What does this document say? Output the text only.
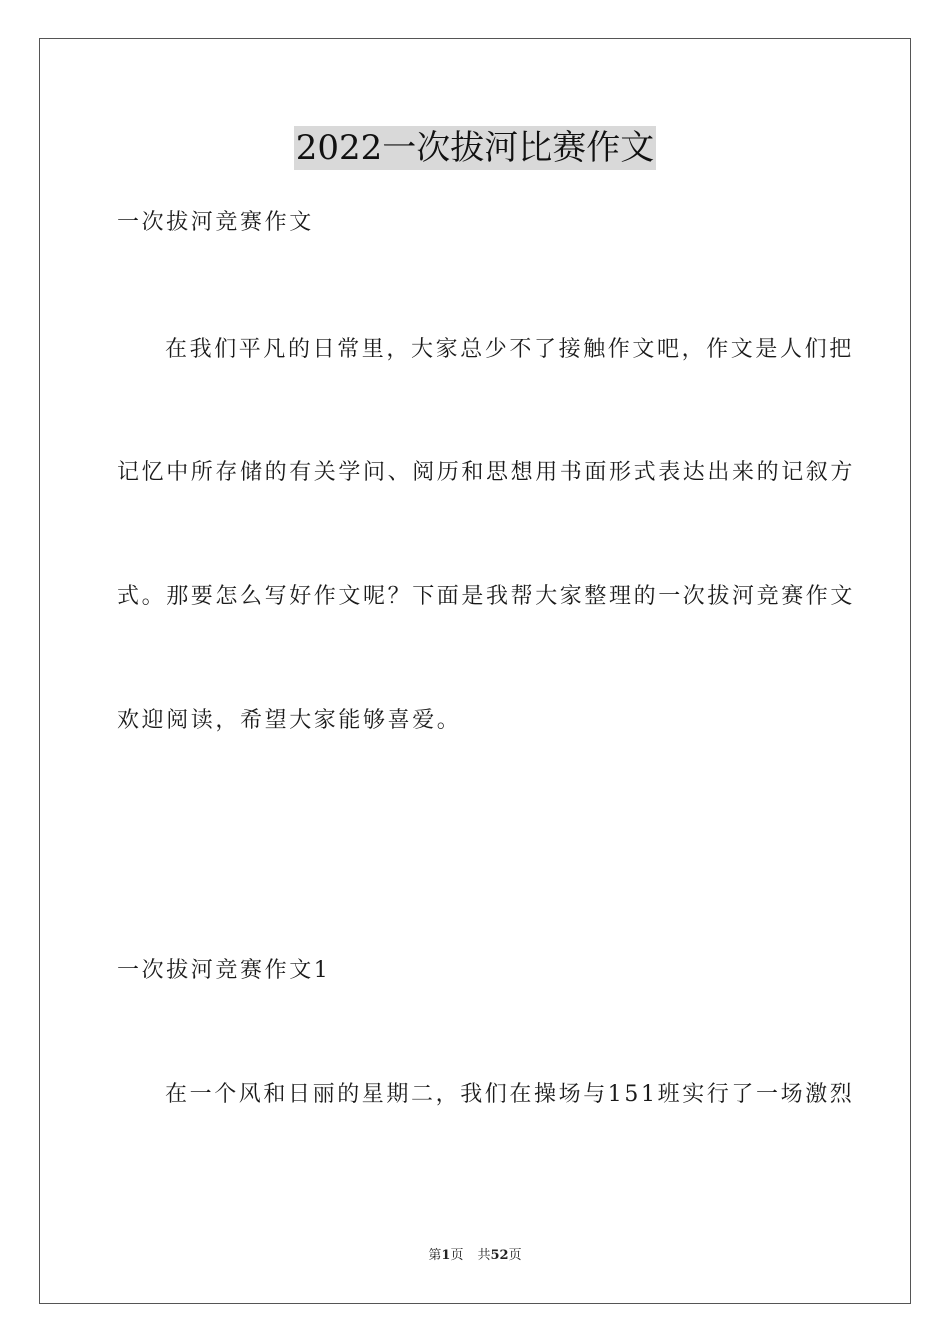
2022一次拔河比赛作文
一次拔河竞赛作文
在我们平凡的日常里，大家总少不了接触作文吧，作文是人们把
记忆中所存储的有关学问、阅历和思想用书面形式表达出来的记叙方
式。那要怎么写好作文呢？下面是我帮大家整理的一次拔河竞赛作文
欢迎阅读，希望大家能够喜爱。
一次拔河竞赛作文1
在一个风和日丽的星期二，我们在操场与151班实行了一场激烈
第1页 共52页
